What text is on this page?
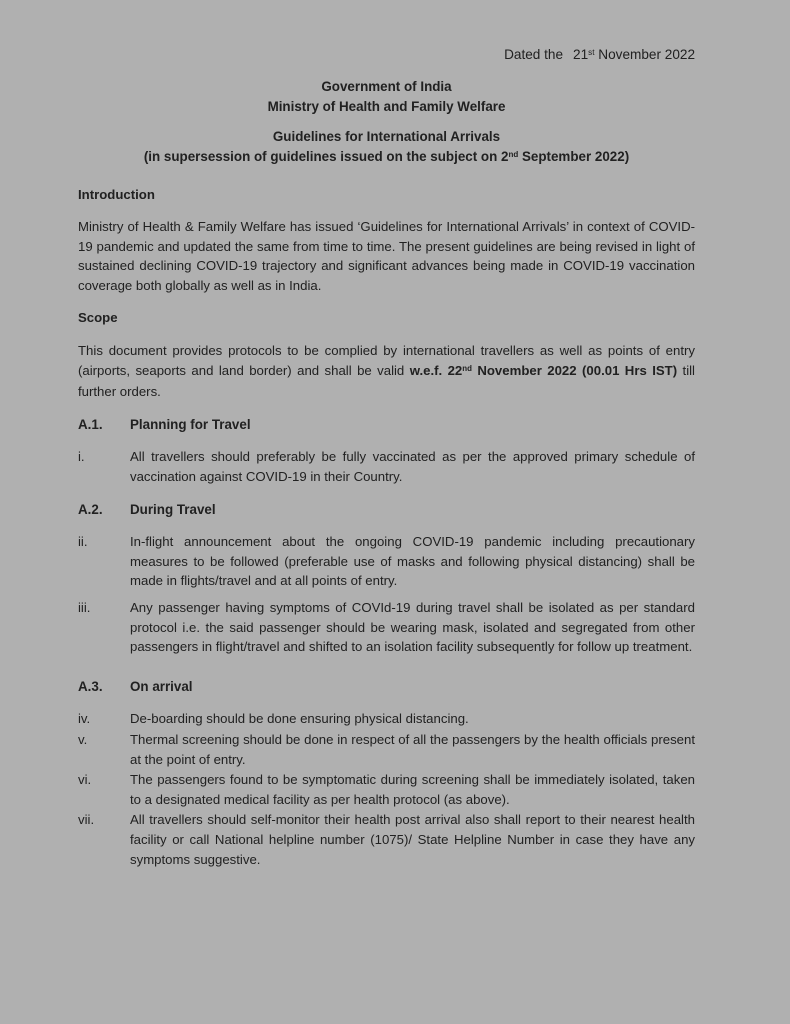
Dated the 21st November 2022
Government of India
Ministry of Health and Family Welfare
Guidelines for International Arrivals
(in supersession of guidelines issued on the subject on 2nd September 2022)

Introduction

Ministry of Health & Family Welfare has issued ‘Guidelines for International Arrivals’ in context of COVID-19 pandemic and updated the same from time to time. The present guidelines are being revised in light of sustained declining COVID-19 trajectory and significant advances being made in COVID-19 vaccination coverage both globally as well as in India.

Scope

This document provides protocols to be complied by international travellers as well as points of entry (airports, seaports and land border) and shall be valid w.e.f. 22nd November 2022 (00.01 Hrs IST) till further orders.

A.1.	Planning for Travel
i.	All travellers should preferably be fully vaccinated as per the approved primary schedule of vaccination against COVID-19 in their Country.
A.2.	During Travel
ii.	In-flight announcement about the ongoing COVID-19 pandemic including precautionary measures to be followed (preferable use of masks and following physical distancing) shall be made in flights/travel and at all points of entry.
iii.	Any passenger having symptoms of COVId-19 during travel shall be isolated as per standard protocol i.e. the said passenger should be wearing mask, isolated and segregated from other passengers in flight/travel and shifted to an isolation facility subsequently for follow up treatment.
A.3.	On arrival
iv.	De-boarding should be done ensuring physical distancing.
v.	Thermal screening should be done in respect of all the passengers by the health officials present at the point of entry.
vi.	The passengers found to be symptomatic during screening shall be immediately isolated, taken to a designated medical facility as per health protocol (as above).
vii.	All travellers should self-monitor their health post arrival also shall report to their nearest health facility or call National helpline number (1075)/ State Helpline Number in case they have any symptoms suggestive.
